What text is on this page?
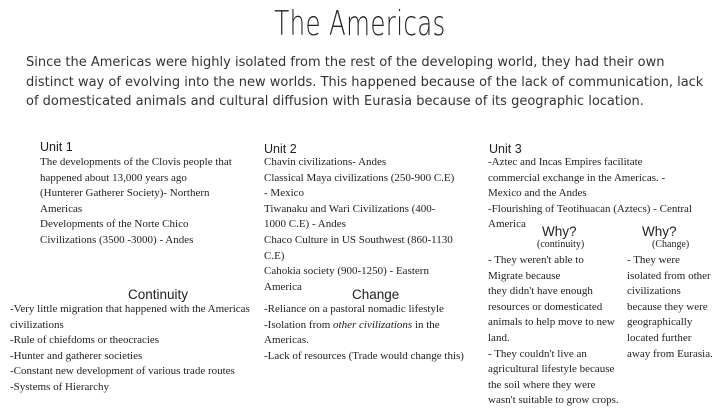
The Americas
Since the Americas were highly isolated from the rest of the developing world, they had their own distinct way of evolving into the new worlds. This happened because of the lack of communication, lack of domesticated animals and cultural diffusion with Eurasia because of its geographic location.
Unit 1
The developments of the Clovis people that
happened about 13,000 years ago
(Hunterer Gatherer Society)- Northern
Americas
Developments of the Norte Chico
Civilizations (3500 -3000) - Andes
Unit 2
Chavin civilizations- Andes
Classical Maya civilizations (250-900 C.E)
- Mexico
Tiwanaku and Wari Civilizations (400-
1000 C.E) - Andes
Chaco Culture in US Southwest (860-1130
C.E)
Cahokia society (900-1250) - Eastern
America
Unit 3
-Aztec and Incas Empires facilitate
commercial exchange in the Americas. -
Mexico and the Andes
-Flourishing of Teotihuacan (Aztecs) - Central
America	Why?	Why?
(continuity)	(Change)
- They weren't able to
Migrate because
they didn't have enough
resources or domesticated
animals to help move to new
land.
- They couldn't live an
agricultural lifestyle because
the soil where they were
wasn't suitable to grow crops.
- They were
isolated from other
civilizations
because they were
geographically
located further
away from Eurasia.
Continuity
-Very little migration that happened with the Americas
civilizations
-Rule of chiefdoms or theocracies
-Hunter and gatherer societies
-Constant new development of various trade routes
-Systems of Hierarchy
Change
-Reliance on a pastoral nomadic lifestyle
-Isolation from other civilizations in the
Americas.
-Lack of resources (Trade would change this)
